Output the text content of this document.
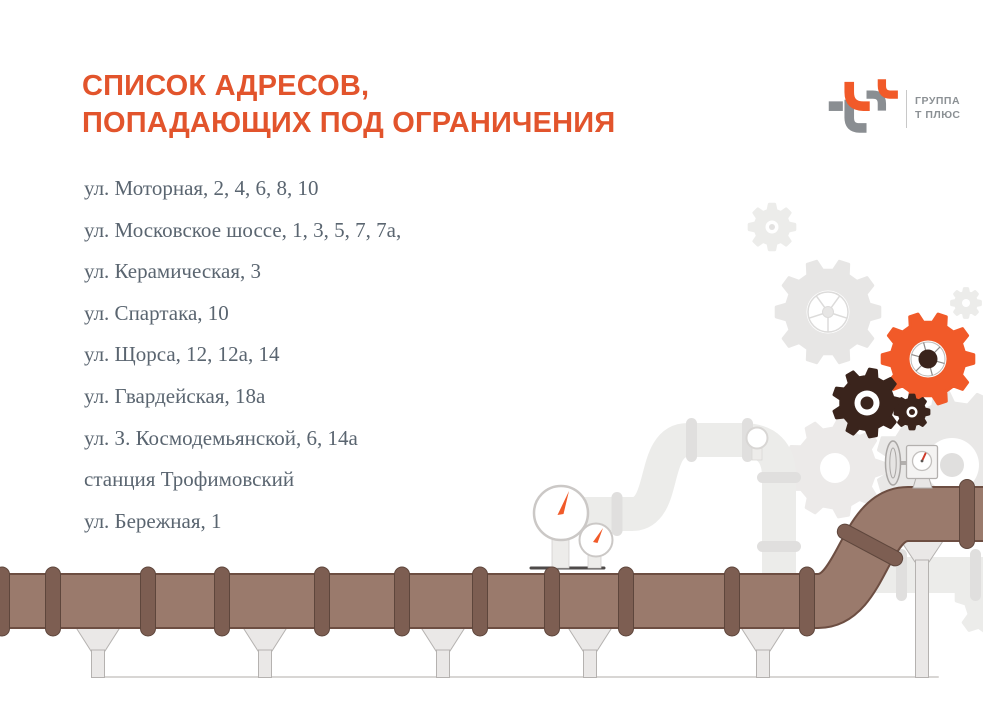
СПИСОК АДРЕСОВ,
ПОПАДАЮЩИХ ПОД ОГРАНИЧЕНИЯ
ул. Моторная, 2, 4, 6, 8, 10
ул. Московское шоссе, 1, 3, 5, 7, 7а,
ул. Керамическая, 3
ул. Спартака, 10
ул. Щорса, 12, 12а, 14
ул. Гвардейская, 18а
ул. З. Космодемьянской, 6, 14а
станция Трофимовский
ул. Бережная, 1
ГРУППА
Т ПЛЮС
